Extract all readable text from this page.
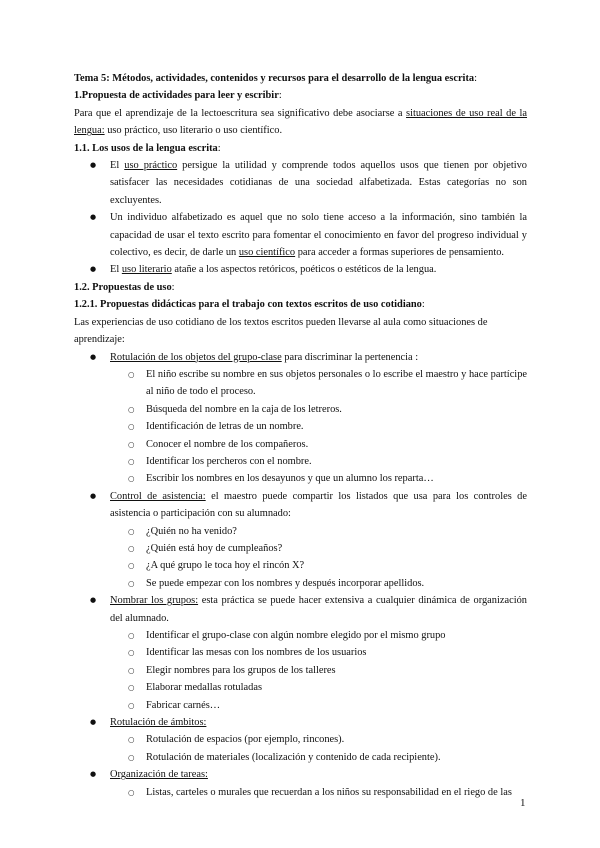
Tema 5: Métodos, actividades, contenidos y recursos para el desarrollo de la lengua escrita:

1.Propuesta de actividades para leer y escribir:

Para que el aprendizaje de la lectoescritura sea significativo debe asociarse a situaciones de uso real de la lengua: uso práctico, uso literario o uso científico.

1.1. Los usos de la lengua escrita:

● El uso práctico persigue la utilidad y comprende todos aquellos usos que tienen por objetivo satisfacer las necesidades cotidianas de una sociedad alfabetizada. Estas categorías no son excluyentes.
● Un individuo alfabetizado es aquel que no solo tiene acceso a la información, sino también la capacidad de usar el texto escrito para fomentar el conocimiento en favor del progreso individual y colectivo, es decir, de darle un uso científico para acceder a formas superiores de pensamiento.
● El uso literario atañe a los aspectos retóricos, poéticos o estéticos de la lengua.

1.2. Propuestas de uso:

1.2.1. Propuestas didácticas para el trabajo con textos escritos de uso cotidiano:

Las experiencias de uso cotidiano de los textos escritos pueden llevarse al aula como situaciones de aprendizaje:

● Rotulación de los objetos del grupo-clase para discriminar la pertenencia :
○ El niño escribe su nombre en sus objetos personales o lo escribe el maestro y hace partícipe al niño de todo el proceso.
○ Búsqueda del nombre en la caja de los letreros.
○ Identificación de letras de un nombre.
○ Conocer el nombre de los compañeros.
○ Identificar los percheros con el nombre.
○ Escribir los nombres en los desayunos y que un alumno los reparta…
● Control de asistencia: el maestro puede compartir los listados que usa para los controles de asistencia o participación con su alumnado:
○ ¿Quién no ha venido?
○ ¿Quién está hoy de cumpleaños?
○ ¿A qué grupo le toca hoy el rincón X?
○ Se puede empezar con los nombres y después incorporar apellidos.
● Nombrar los grupos: esta práctica se puede hacer extensiva a cualquier dinámica de organización del alumnado.
○ Identificar el grupo-clase con algún nombre elegido por el mismo grupo
○ Identificar las mesas con los nombres de los usuarios
○ Elegir nombres para los grupos de los talleres
○ Elaborar medallas rotuladas
○ Fabricar carnés…
● Rotulación de ámbitos:
○ Rotulación de espacios (por ejemplo, rincones).
○ Rotulación de materiales (localización y contenido de cada recipiente).
● Organización de tareas:
○ Listas, carteles o murales que recuerdan a los niños su responsabilidad en el riego de las
1
